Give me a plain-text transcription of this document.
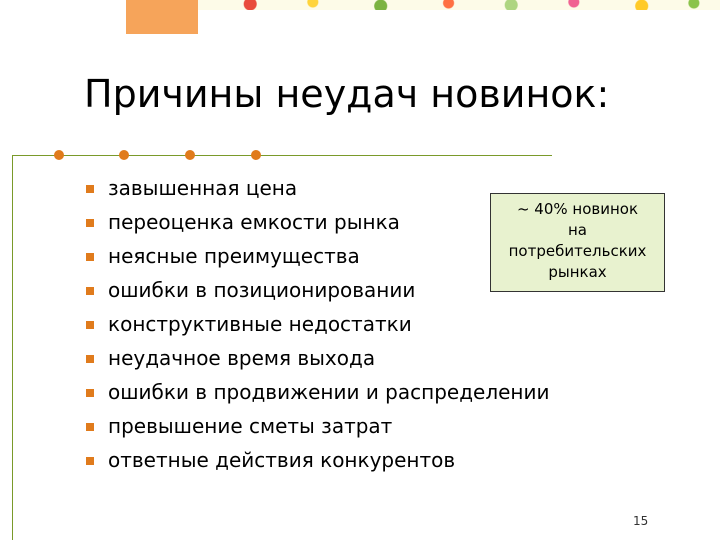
Причины неудач новинок:
завышенная цена
переоценка емкости рынка
неясные преимущества
ошибки в позиционировании
конструктивные недостатки
неудачное время выхода
ошибки в продвижении и распределении
превышение сметы затрат
ответные действия конкурентов
~ 40% новинок
на
потребительских
рынках
15
